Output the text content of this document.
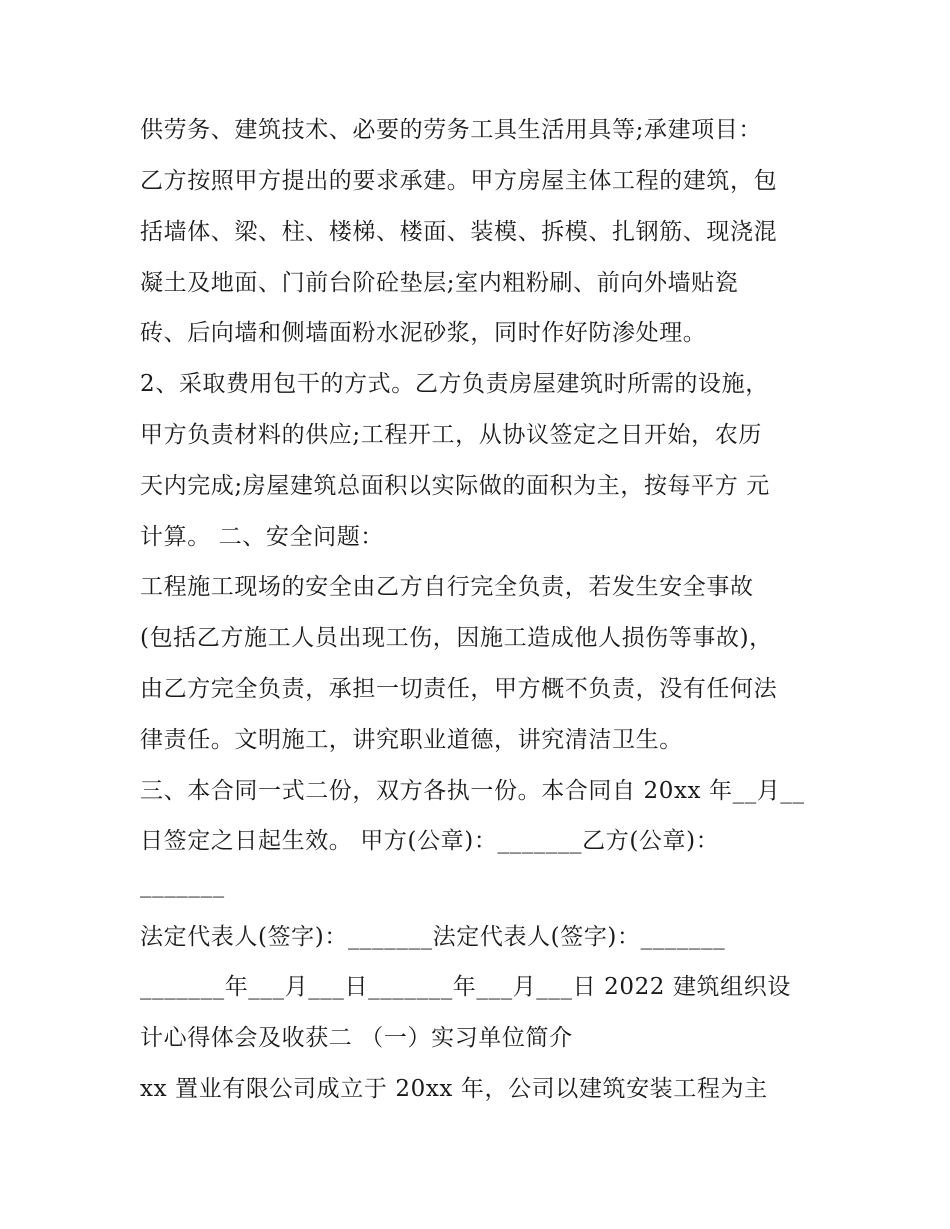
供劳务、建筑技术、必要的劳务工具生活用具等;承建项目：
乙方按照甲方提出的要求承建。甲方房屋主体工程的建筑，包
括墙体、梁、柱、楼梯、楼面、装模、拆模、扎钢筋、现浇混
凝土及地面、门前台阶砼垫层;室内粗粉刷、前向外墙贴瓷
砖、后向墙和侧墙面粉水泥砂浆，同时作好防渗处理。
2、采取费用包干的方式。乙方负责房屋建筑时所需的设施，
甲方负责材料的供应;工程开工，从协议签定之日开始，农历
天内完成;房屋建筑总面积以实际做的面积为主，按每平方 元
计算。 二、安全问题：
工程施工现场的安全由乙方自行完全负责，若发生安全事故
(包括乙方施工人员出现工伤，因施工造成他人损伤等事故)，
由乙方完全负责，承担一切责任，甲方概不负责，没有任何法
律责任。文明施工，讲究职业道德，讲究清洁卫生。
三、本合同一式二份，双方各执一份。本合同自 20xx 年__月__
日签定之日起生效。 甲方(公章)：_______乙方(公章)：
_______
法定代表人(签字)：_______法定代表人(签字)：_______
_______年___月___日_______年___月___日 2022 建筑组织设
计心得体会及收获二 （一）实习单位简介
xx 置业有限公司成立于 20xx 年，公司以建筑安装工程为主
